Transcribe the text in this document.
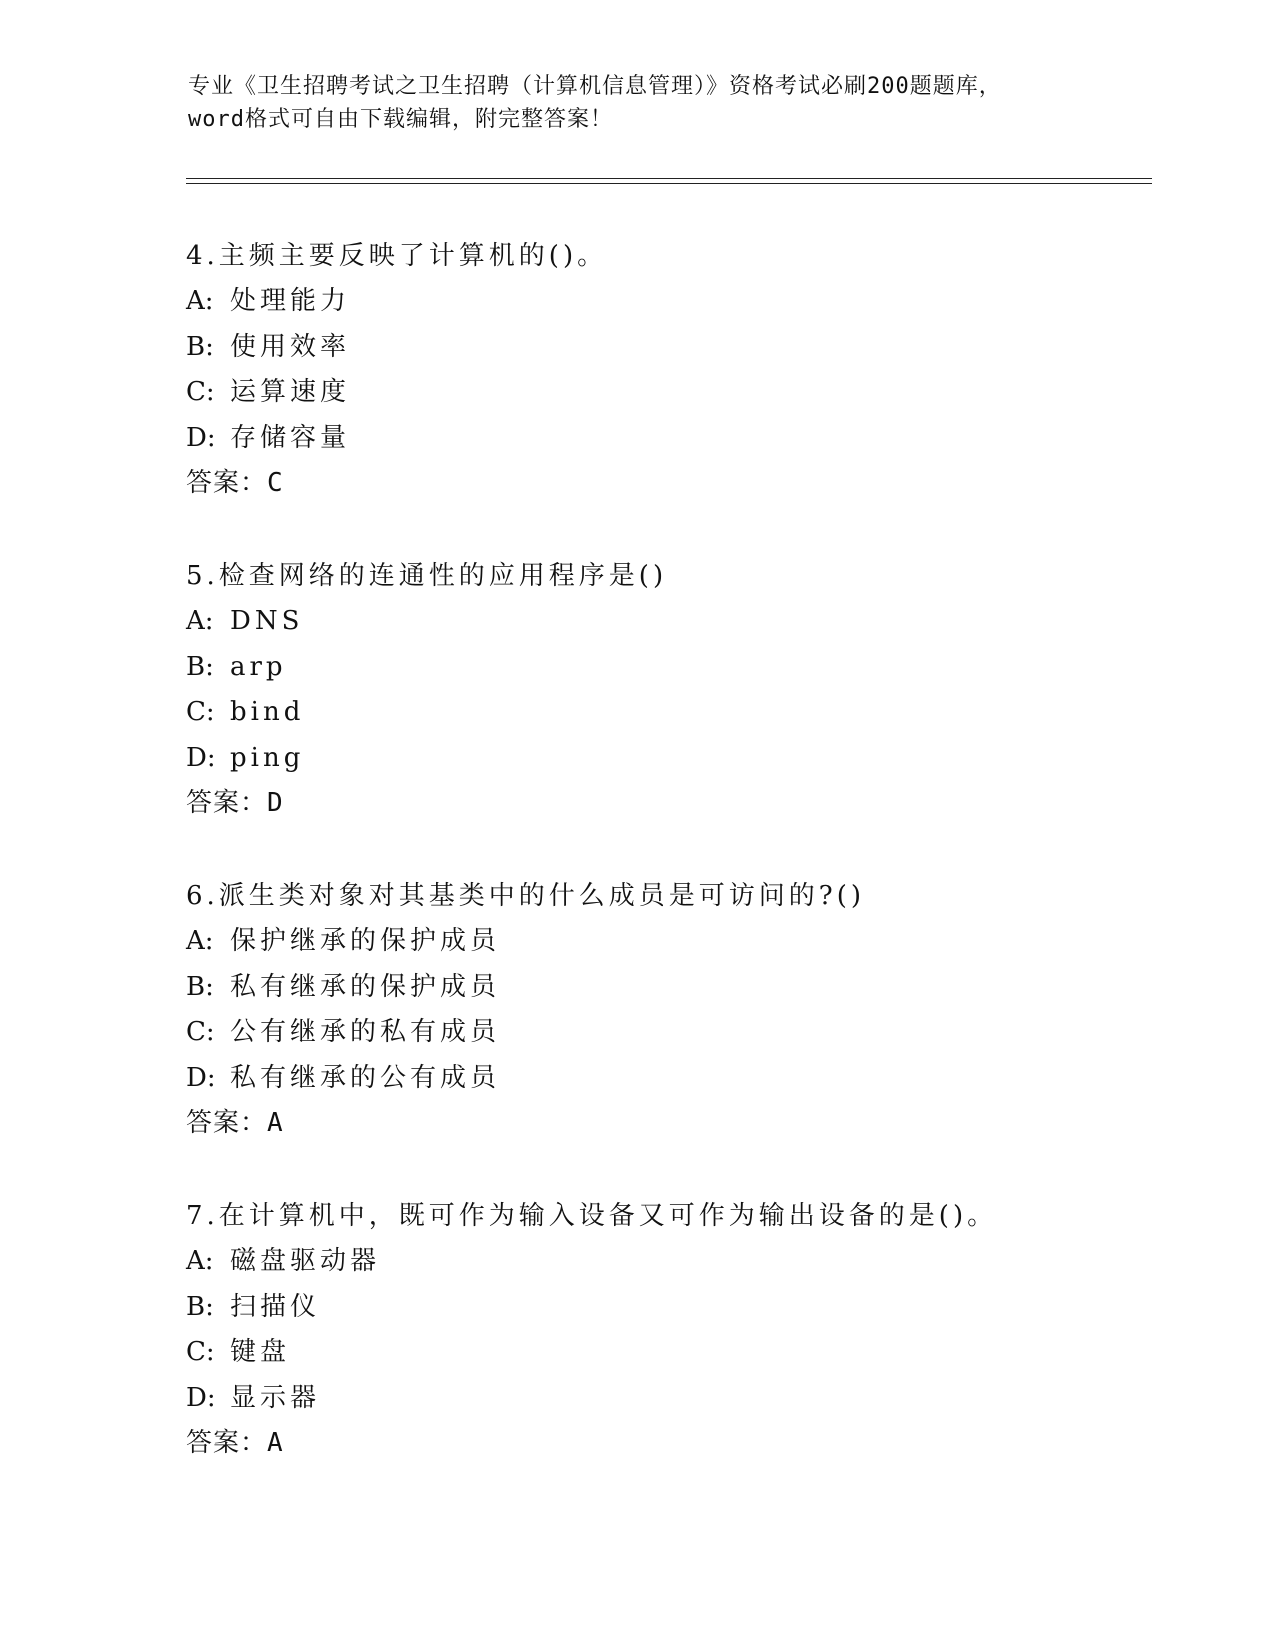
专业《卫生招聘考试之卫生招聘（计算机信息管理）》资格考试必刷200题题库，
word格式可自由下载编辑，附完整答案！
4.主频主要反映了计算机的()。
A: 处理能力
B: 使用效率
C: 运算速度
D: 存储容量
答案：C
5.检查网络的连通性的应用程序是()
A: DNS
B: arp
C: bind
D: ping
答案：D
6.派生类对象对其基类中的什么成员是可访问的?()
A: 保护继承的保护成员
B: 私有继承的保护成员
C: 公有继承的私有成员
D: 私有继承的公有成员
答案：A
7.在计算机中，既可作为输入设备又可作为输出设备的是()。
A: 磁盘驱动器
B: 扫描仪
C: 键盘
D: 显示器
答案：A
